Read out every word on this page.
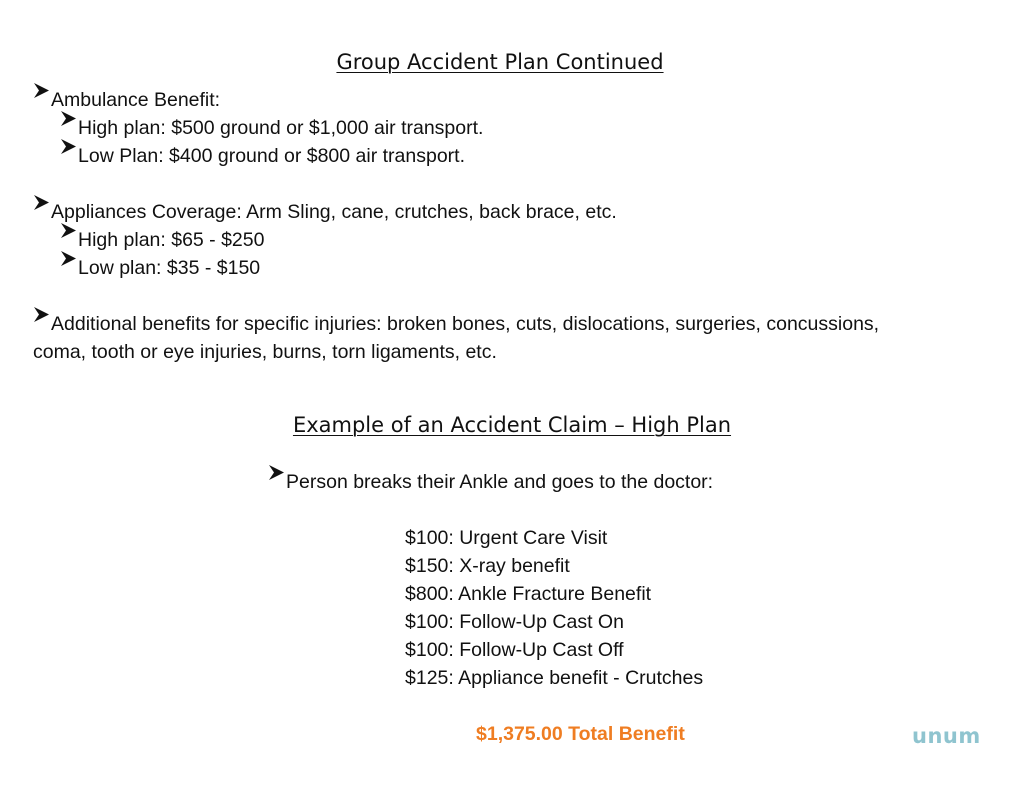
Group Accident Plan Continued
Ambulance Benefit:
High plan: $500 ground or $1,000 air transport.
Low Plan: $400 ground or $800 air transport.
Appliances Coverage: Arm Sling, cane, crutches, back brace, etc.
High plan: $65 - $250
Low plan: $35 - $150
Additional benefits for specific injuries: broken bones, cuts, dislocations, surgeries, concussions, coma, tooth or eye injuries, burns, torn ligaments, etc.
Example of an Accident Claim – High Plan
Person breaks their Ankle and goes to the doctor:
$100: Urgent Care Visit
$150: X-ray benefit
$800: Ankle Fracture Benefit
$100: Follow-Up Cast On
$100: Follow-Up Cast Off
$125: Appliance benefit - Crutches
$1,375.00 Total Benefit	unum
